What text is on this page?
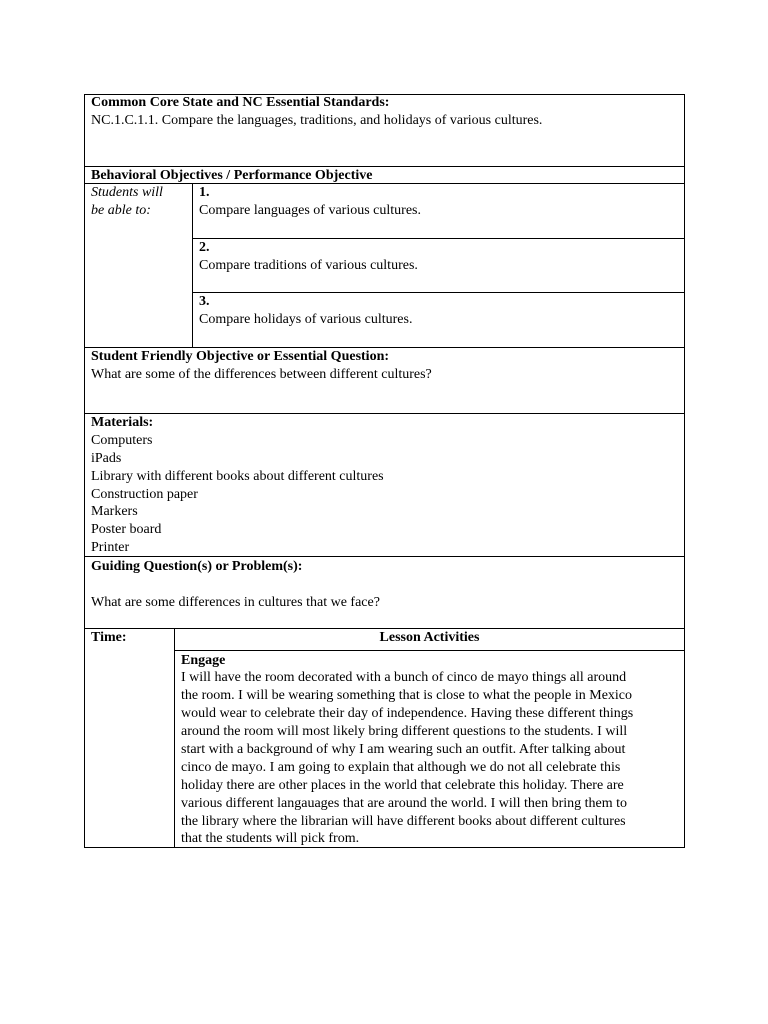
Common Core State and NC Essential Standards:
NC.1.C.1.1. Compare the languages, traditions, and holidays of various cultures.
Behavioral Objectives / Performance Objective
Students will
be able to:
1.
Compare languages of various cultures.
2.
Compare traditions of various cultures.
3.
Compare holidays of various cultures.
Student Friendly Objective or Essential Question:
What are some of the differences between different cultures?
Materials:
Computers
iPads
Library with different books about different cultures
Construction paper
Markers
Poster board
Printer
Guiding Question(s) or Problem(s):
What are some differences in cultures that we face?
Time:	Lesson Activities
Engage
I will have the room decorated with a bunch of cinco de mayo things all around
the room. I will be wearing something that is close to what the people in Mexico
would wear to celebrate their day of independence. Having these different things
around the room will most likely bring different questions to the students. I will
start with a background of why I am wearing such an outfit. After talking about
cinco de mayo. I am going to explain that although we do not all celebrate this
holiday there are other places in the world that celebrate this holiday. There are
various different langauages that are around the world. I will then bring them to
the library where the librarian will have different books about different cultures
that the students will pick from.
